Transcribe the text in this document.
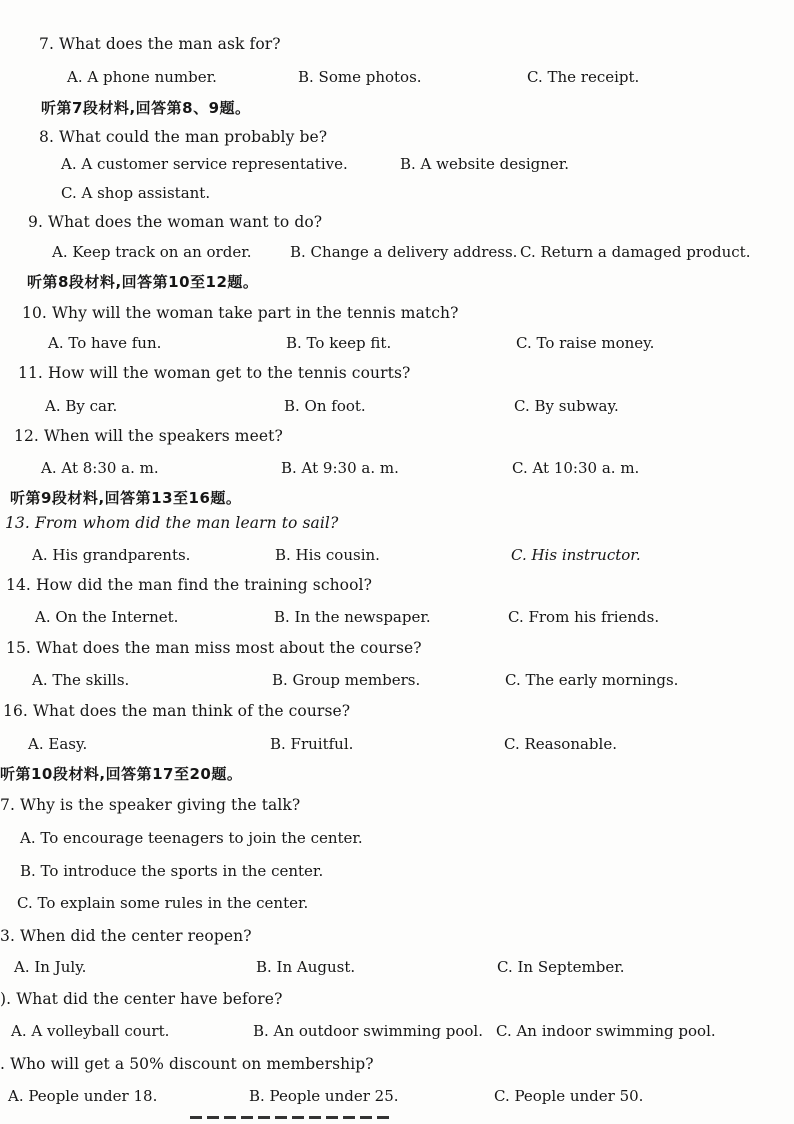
7. What does the man ask for?
A. A phone number.	B. Some photos.	C. The receipt.
听第7段材料,回答第8、9题。
8. What could the man probably be?
A. A customer service representative.	B. A website designer.
C. A shop assistant.
9. What does the woman want to do?
A. Keep track on an order.	B. Change a delivery address. C. Return a damaged product.
听第8段材料,回答第10至12题。
10. Why will the woman take part in the tennis match?
A. To have fun.	B. To keep fit.	C. To raise money.
11. How will the woman get to the tennis courts?
A. By car.	B. On foot.	C. By subway.
12. When will the speakers meet?
A. At 8:30 a. m.	B. At 9:30 a. m.	C. At 10:30 a. m.
听第9段材料,回答第13至16题。
13. From whom did the man learn to sail?
A. His grandparents.	B. His cousin.	C. His instructor.
14. How did the man find the training school?
A. On the Internet.	B. In the newspaper.	C. From his friends.
15. What does the man miss most about the course?
A. The skills.	B. Group members.	C. The early mornings.
16. What does the man think of the course?
A. Easy.	B. Fruitful.	C. Reasonable.
听第10段材料,回答第17至20题。
7. Why is the speaker giving the talk?
A. To encourage teenagers to join the center.
B. To introduce the sports in the center.
C. To explain some rules in the center.
3. When did the center reopen?
A. In July.	B. In August.	C. In September.
). What did the center have before?
A. A volleyball court.	B. An outdoor swimming pool. C. An indoor swimming pool.
. Who will get a 50% discount on membership?
A. People under 18.	B. People under 25.	C. People under 50.
